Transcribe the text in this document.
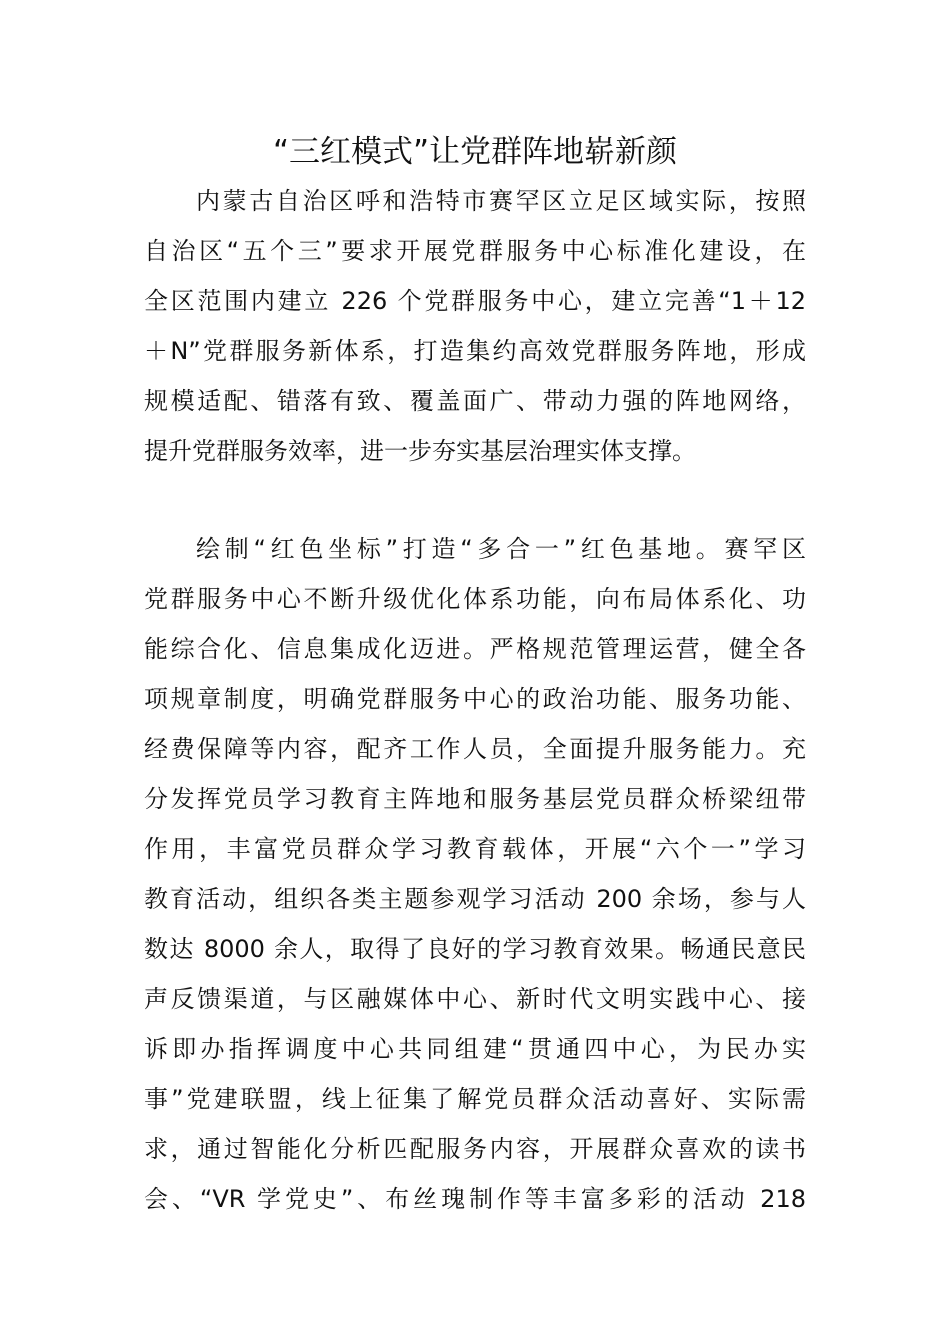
“三红模式”让党群阵地崭新颜
内蒙古自治区呼和浩特市赛罕区立足区域实际，按照
自治区“五个三”要求开展党群服务中心标准化建设，在
全区范围内建立 226 个党群服务中心，建立完善“1＋12
＋N”党群服务新体系，打造集约高效党群服务阵地，形成
规模适配、错落有致、覆盖面广、带动力强的阵地网络，
提升党群服务效率，进一步夯实基层治理实体支撑。
绘制“红色坐标”打造“多合一”红色基地。赛罕区
党群服务中心不断升级优化体系功能，向布局体系化、功
能综合化、信息集成化迈进。严格规范管理运营，健全各
项规章制度，明确党群服务中心的政治功能、服务功能、
经费保障等内容，配齐工作人员，全面提升服务能力。充
分发挥党员学习教育主阵地和服务基层党员群众桥梁纽带
作用，丰富党员群众学习教育载体，开展“六个一”学习
教育活动，组织各类主题参观学习活动 200 余场，参与人
数达 8000 余人，取得了良好的学习教育效果。畅通民意民
声反馈渠道，与区融媒体中心、新时代文明实践中心、接
诉即办指挥调度中心共同组建“贯通四中心，为民办实
事”党建联盟，线上征集了解党员群众活动喜好、实际需
求，通过智能化分析匹配服务内容，开展群众喜欢的读书
会、“VR 学党史”、布丝瑰制作等丰富多彩的活动 218
